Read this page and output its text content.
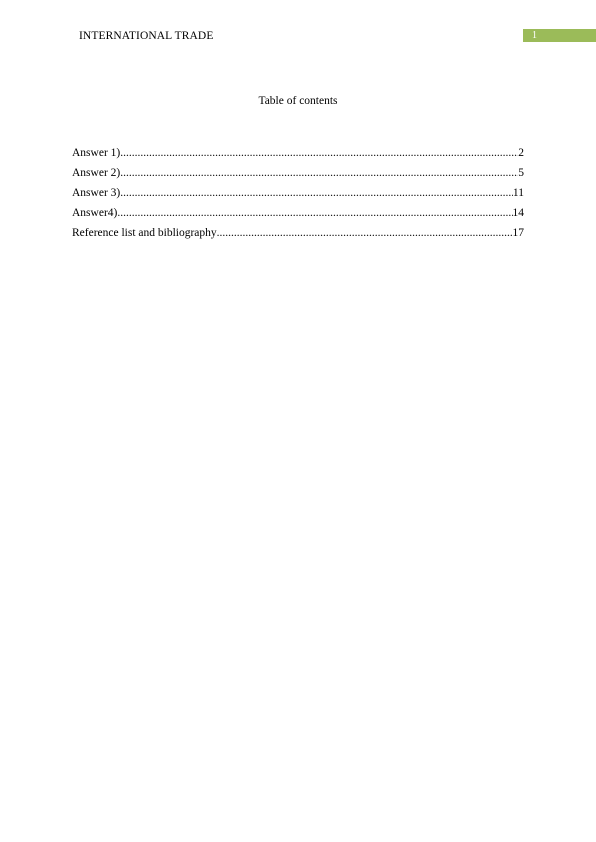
INTERNATIONAL TRADE	1
Table of contents
Answer 1) .....	2
Answer 2) .....	5
Answer 3) .....	11
Answer4) .....	14
Reference list and bibliography .....	17
